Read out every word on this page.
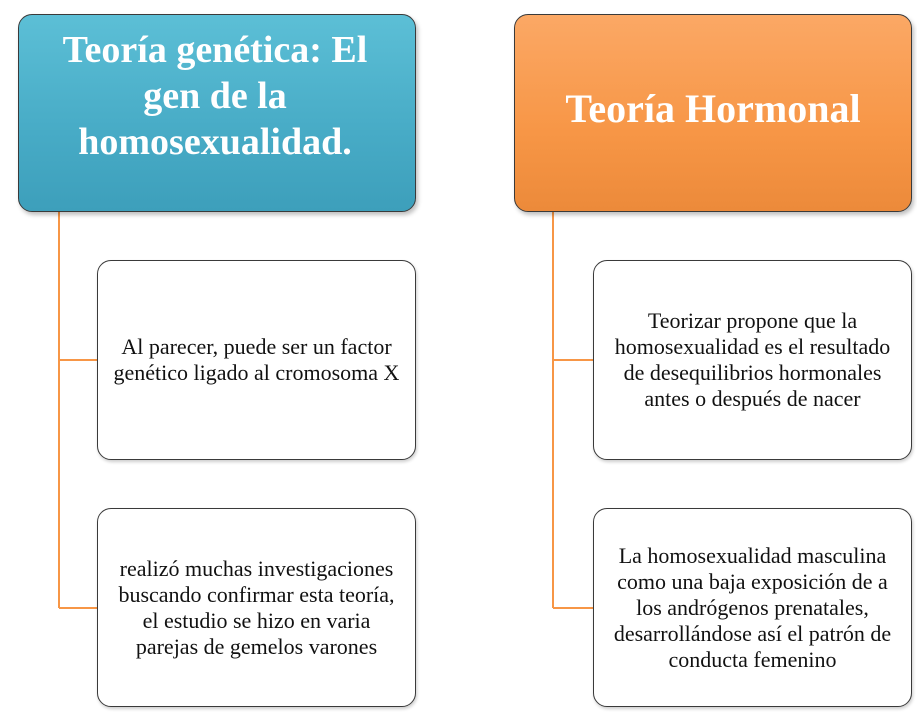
Teoría genética: El gen de la homosexualidad.
Teoría Hormonal
Al parecer, puede ser un factor genético ligado al cromosoma X
realizó muchas investigaciones buscando confirmar esta teoría, el estudio se hizo en varia parejas de gemelos varones
Teorizar propone que la homosexualidad es el resultado de desequilibrios hormonales antes o después de nacer
La homosexualidad masculina como una baja exposición de a los andrógenos prenatales, desarrollándose así el patrón de conducta femenino
